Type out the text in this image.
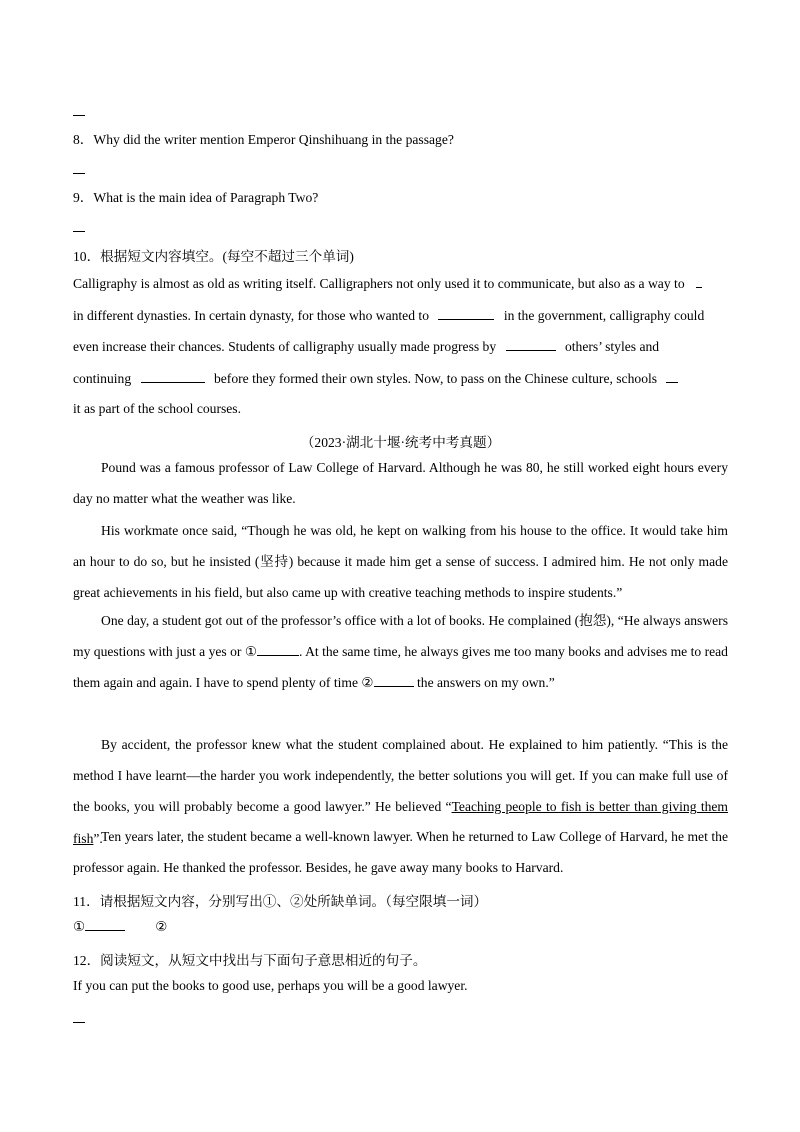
8．Why did the writer mention Emperor Qinshihuang in the passage?
9．What is the main idea of Paragraph Two?
10．根据短文内容填空。(每空不超过三个单词)
Calligraphy is almost as old as writing itself. Calligraphers not only used it to communicate, but also as a way to
in different dynasties. In certain dynasty, for those who wanted to	in the government, calligraphy could
even increase their chances. Students of calligraphy usually made progress by	others’ styles and
continuing	before they formed their own styles. Now, to pass on the Chinese culture, schools
it as part of the school courses.
（2023·湖北十堰·统考中考真题）
Pound was a famous professor of Law College of Harvard. Although he was 80, he still worked eight hours every day no matter what the weather was like.
His workmate once said, “Though he was old, he kept on walking from his house to the office. It would take him an hour to do so, but he insisted (坚持) because it made him get a sense of success. I admired him. He not only made great achievements in his field, but also came up with creative teaching methods to inspire students.”
One day, a student got out of the professor’s office with a lot of books. He complained (抱怨), “He always answers my questions with just a yes or ①	. At the same time, he always gives me too many books and advises me to read them again and again. I have to spend plenty of time ②	the answers on my own.”
By accident, the professor knew what the student complained about. He explained to him patiently. “This is the method I have learnt—the harder you work independently, the better solutions you will get. If you can make full use of the books, you will probably become a good lawyer.” He believed “Teaching people to fish is better than giving them fish”.
Ten years later, the student became a well-known lawyer. When he returned to Law College of Harvard, he met the professor again. He thanked the professor. Besides, he gave away many books to Harvard.
11．请根据短文内容，分别写出①、②处所缺单词。（每空限填一词）
①	②
12．阅读短文，从短文中找出与下面句子意思相近的句子。
If you can put the books to good use, perhaps you will be a good lawyer.
